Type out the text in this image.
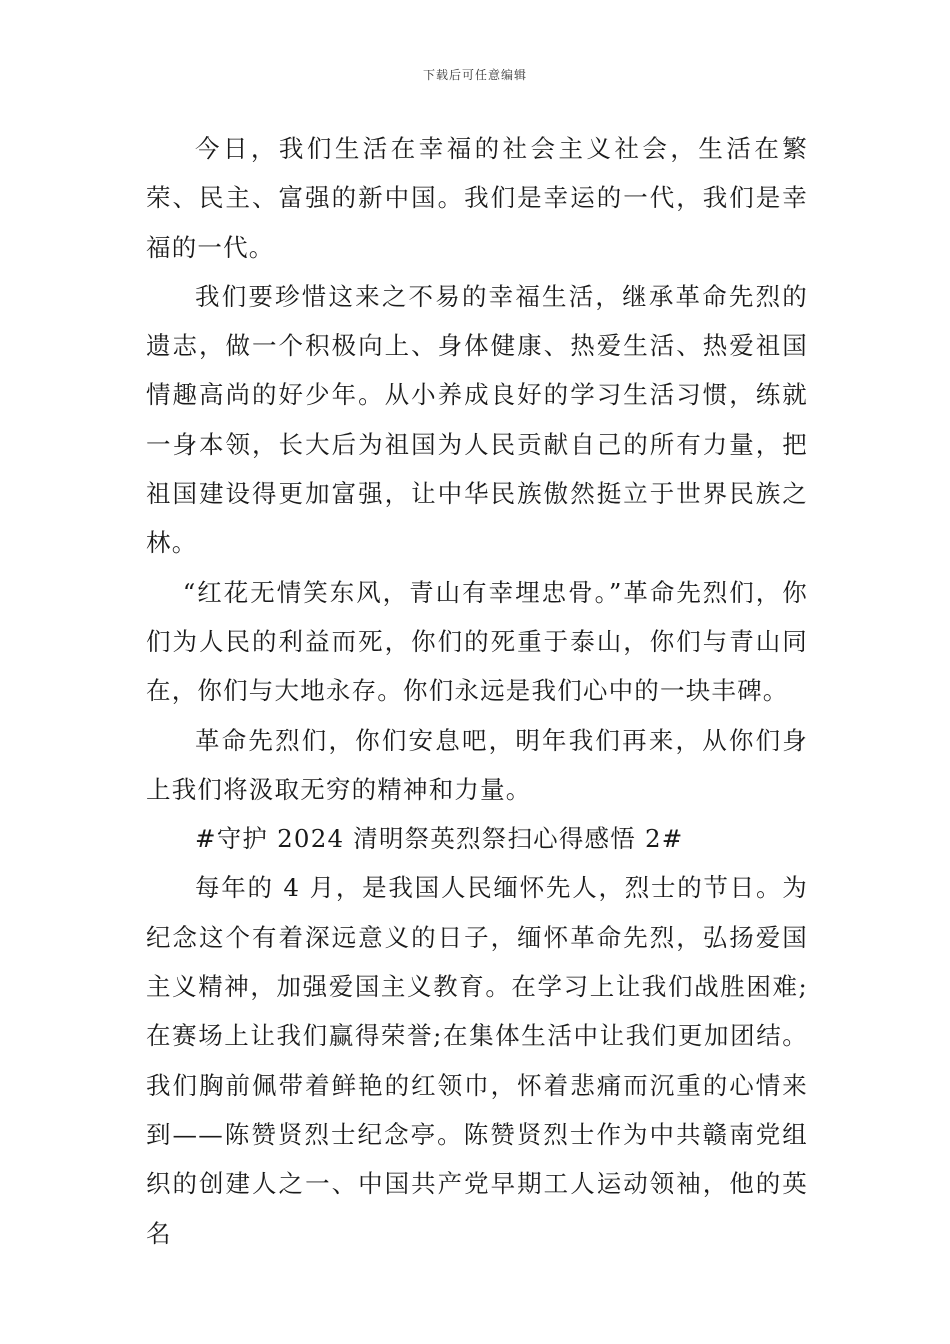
下载后可任意编辑

今日，我们生活在幸福的社会主义社会，生活在繁荣、民主、富强的新中国。我们是幸运的一代，我们是幸福的一代。

我们要珍惜这来之不易的幸福生活，继承革命先烈的遗志，做一个积极向上、身体健康、热爱生活、热爱祖国情趣高尚的好少年。从小养成良好的学习生活习惯，练就一身本领，长大后为祖国为人民贡献自己的所有力量，把祖国建设得更加富强，让中华民族傲然挺立于世界民族之林。

“红花无情笑东风，青山有幸埋忠骨。”革命先烈们，你们为人民的利益而死，你们的死重于泰山，你们与青山同在，你们与大地永存。你们永远是我们心中的一块丰碑。

革命先烈们，你们安息吧，明年我们再来，从你们身上我们将汲取无穷的精神和力量。

#守护 2024 清明祭英烈祭扫心得感悟 2#

每年的 4 月，是我国人民缅怀先人，烈士的节日。为纪念这个有着深远意义的日子，缅怀革命先烈，弘扬爱国主义精神，加强爱国主义教育。在学习上让我们战胜困难;在赛场上让我们赢得荣誉;在集体生活中让我们更加团结。我们胸前佩带着鲜艳的红领巾，怀着悲痛而沉重的心情来到——陈赞贤烈士纪念亭。陈赞贤烈士作为中共赣南党组织的创建人之一、中国共产党早期工人运动领袖，他的英名
